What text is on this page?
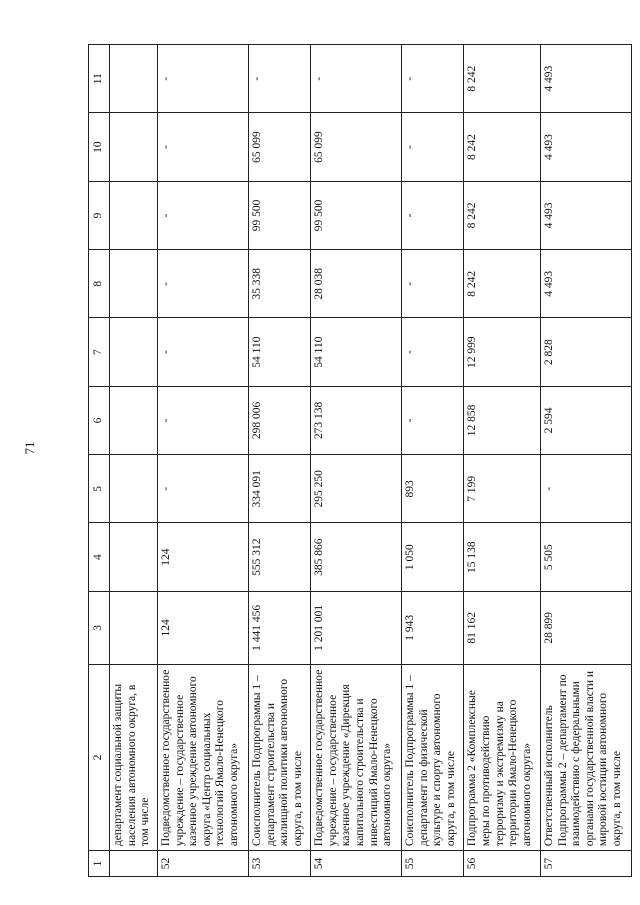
71
1	2	3	4	5	6	7	8	9	10	11
	департамент социальной защиты населения автономного округа, в том числе									
52	Подведомственное государственное учреждение – государственное казенное учреждение автономного округа «Центр социальных технологий Ямало-Ненецкого автономного округа»	124	124	-	-	-	-	-	-	-
53	Соисполнитель Подпрограммы 1 – департамент строительства и жилищной политики автономного округа, в том числе	1 441 456	555 312	334 091	298 006	54 110	35 338	99 500	65 099	-
54	Подведомственное государственное учреждение – государственное казенное учреждение «Дирекция капитального строительства и инвестиций Ямало-Ненецкого автономного округа»	1 201 001	385 866	295 250	273 138	54 110	28 038	99 500	65 099	-
55	Соисполнитель Подпрограммы 1 – департамент по физической культуре и спорту автономного округа, в том числе	1 943	1 050	893	-	-	-	-	-	-
56	Подпрограмма 2 «Комплексные меры по противодействию терроризму и экстремизму на территории Ямало-Ненецкого автономного округа»	81 162	15 138	7 199	12 858	12 999	8 242	8 242	8 242	8 242
57	Ответственный исполнитель Подпрограммы 2 – департамент по взаимодействию с федеральными органами государственной власти и мировой юстиции автономного округа, в том числе	28 899	5 505	-	2 594	2 828	4 493	4 493	4 493	4 493
